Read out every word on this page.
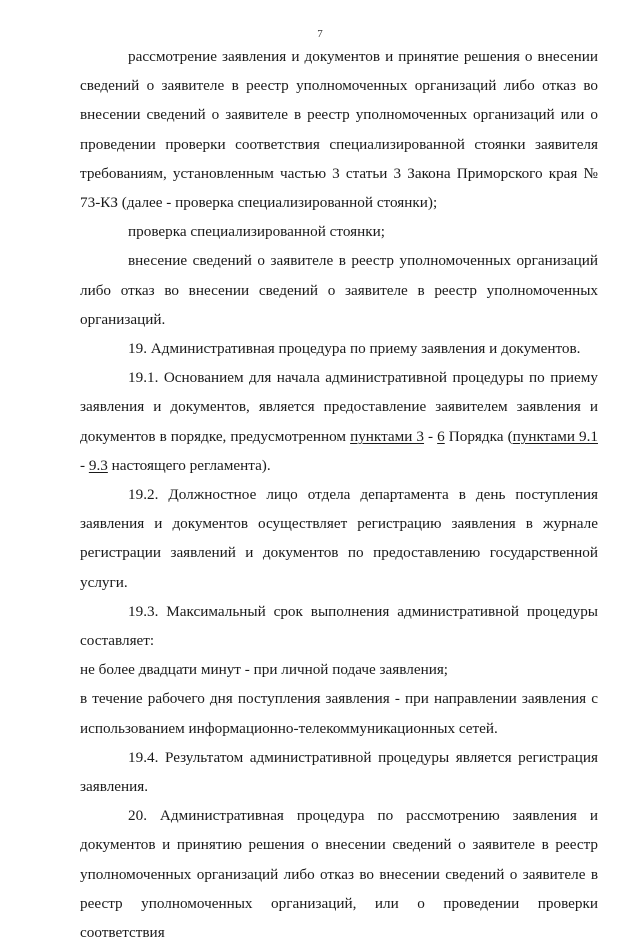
7

рассмотрение заявления и документов и принятие решения о внесении сведений о заявителе в реестр уполномоченных организаций либо отказ во внесении сведений о заявителе в реестр уполномоченных организаций или о проведении проверки соответствия специализированной стоянки заявителя требованиям, установленным частью 3 статьи 3 Закона Приморского края № 73-КЗ (далее - проверка специализированной стоянки);

проверка специализированной стоянки;

внесение сведений о заявителе в реестр уполномоченных организаций либо отказ во внесении сведений о заявителе в реестр уполномоченных организаций.

19. Административная процедура по приему заявления и документов.

19.1. Основанием для начала административной процедуры по приему заявления и документов, является предоставление заявителем заявления и документов в порядке, предусмотренном пунктами 3 - 6 Порядка (пунктами 9.1 - 9.3 настоящего регламента).

19.2. Должностное лицо отдела департамента в день поступления заявления и документов осуществляет регистрацию заявления в журнале регистрации заявлений и документов по предоставлению государственной услуги.

19.3. Максимальный срок выполнения административной процедуры составляет:

не более двадцати минут - при личной подаче заявления;

в течение рабочего дня поступления заявления - при направлении заявления с использованием информационно-телекоммуникационных сетей.

19.4. Результатом административной процедуры является регистрация заявления.

20. Административная процедура по рассмотрению заявления и документов и принятию решения о внесении сведений о заявителе в реестр уполномоченных организаций либо отказ во внесении сведений о заявителе в реестр уполномоченных организаций, или о проведении проверки соответствия
